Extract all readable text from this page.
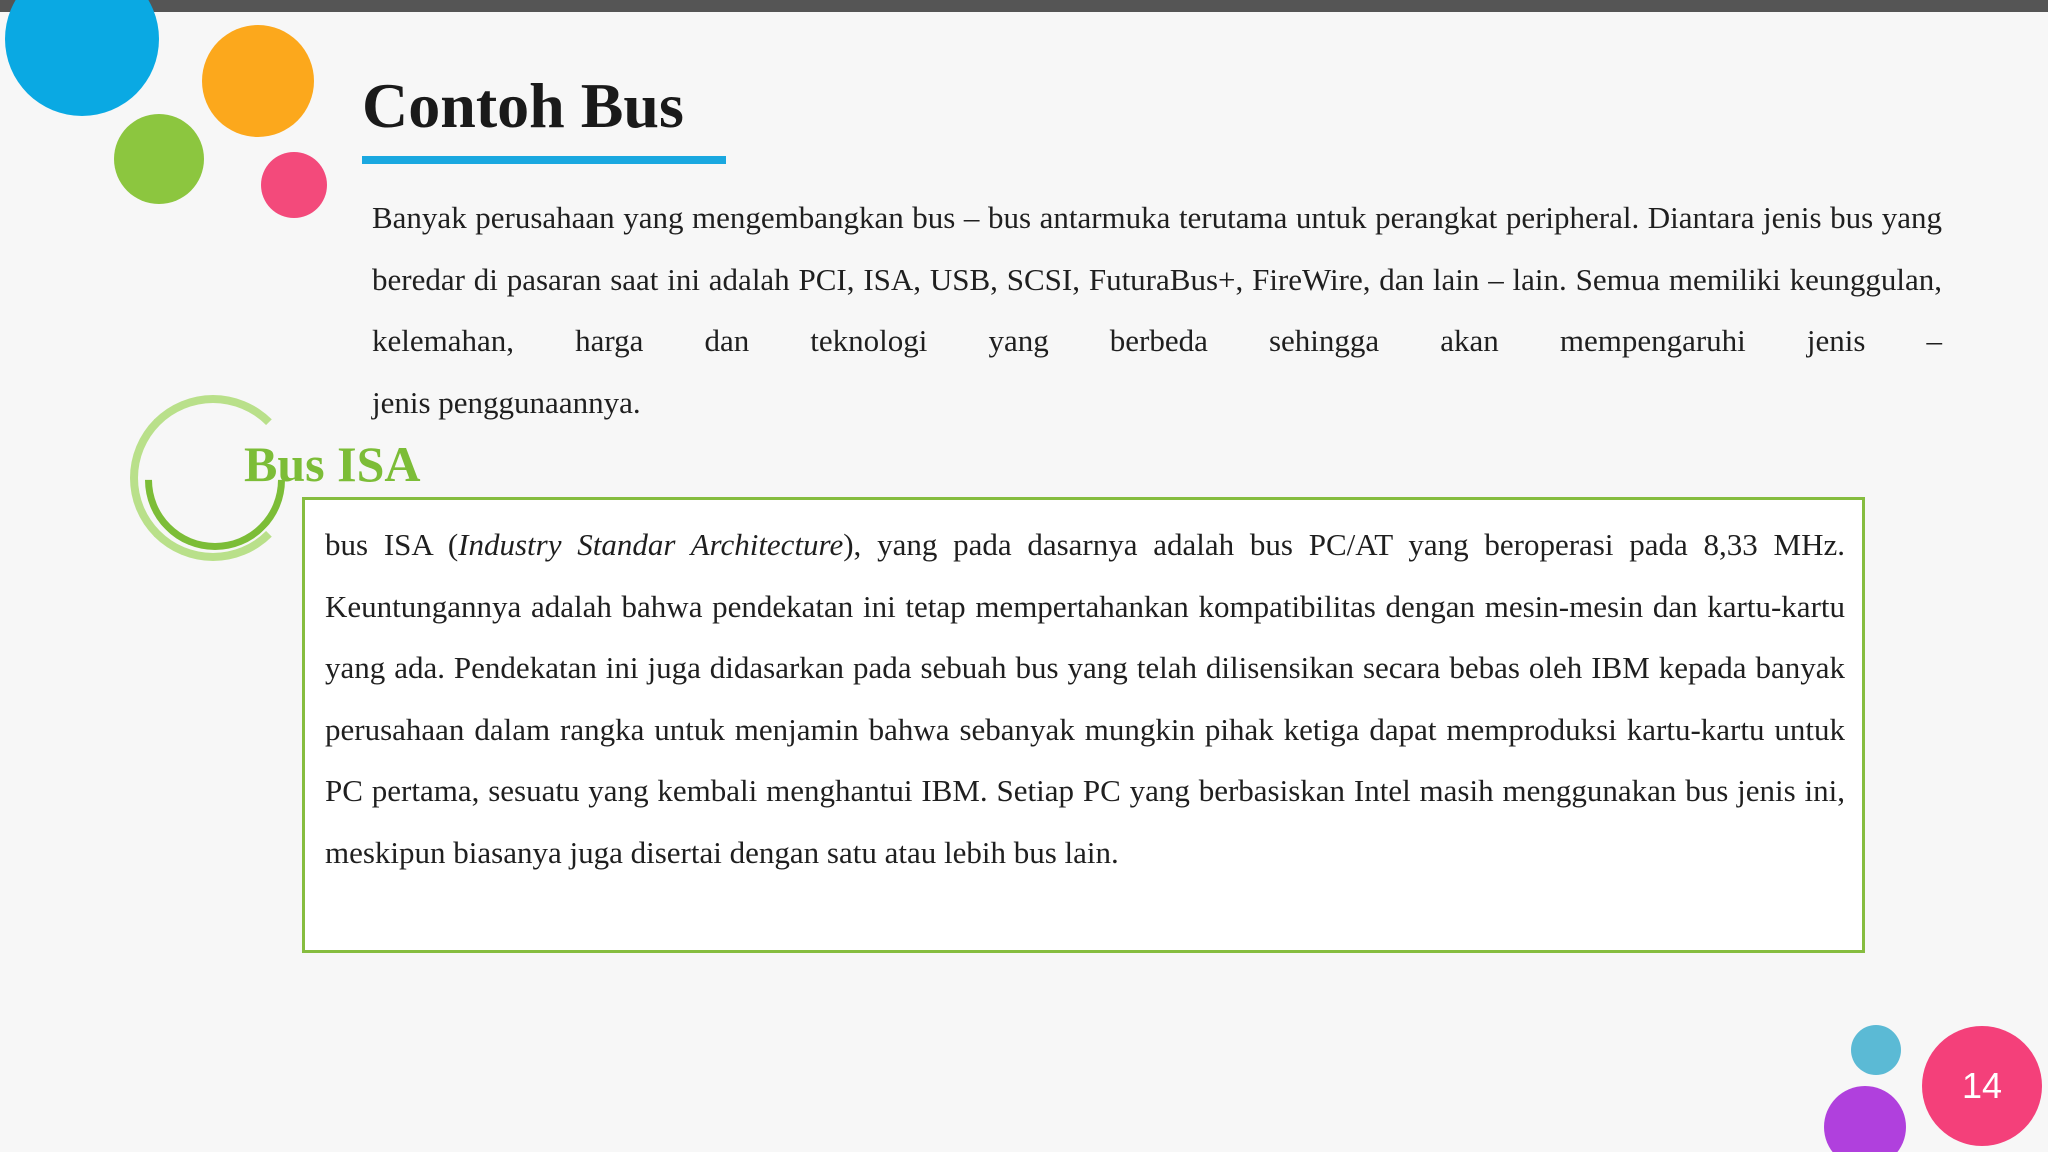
Contoh Bus
Banyak perusahaan yang mengembangkan bus – bus antarmuka terutama untuk perangkat peripheral. Diantara jenis bus yang beredar di pasaran saat ini adalah PCI, ISA, USB, SCSI, FuturaBus+, FireWire, dan lain – lain. Semua memiliki keunggulan, kelemahan, harga dan teknologi yang berbeda sehingga akan mempengaruhi jenis –
jenis penggunaannya.
Bus ISA

bus ISA (Industry Standar Architecture), yang pada dasarnya adalah bus PC/AT yang beroperasi pada 8,33 MHz. Keuntungannya adalah bahwa pendekatan ini tetap mempertahankan kompatibilitas dengan mesin-mesin dan kartu-kartu yang ada. Pendekatan ini juga didasarkan pada sebuah bus yang telah dilisensikan secara bebas oleh IBM kepada banyak perusahaan dalam rangka untuk menjamin bahwa sebanyak mungkin pihak ketiga dapat memproduksi kartu-kartu untuk PC pertama, sesuatu yang kembali menghantui IBM. Setiap PC yang berbasiskan Intel masih menggunakan bus jenis ini, meskipun biasanya juga disertai dengan satu atau lebih bus lain.

14
